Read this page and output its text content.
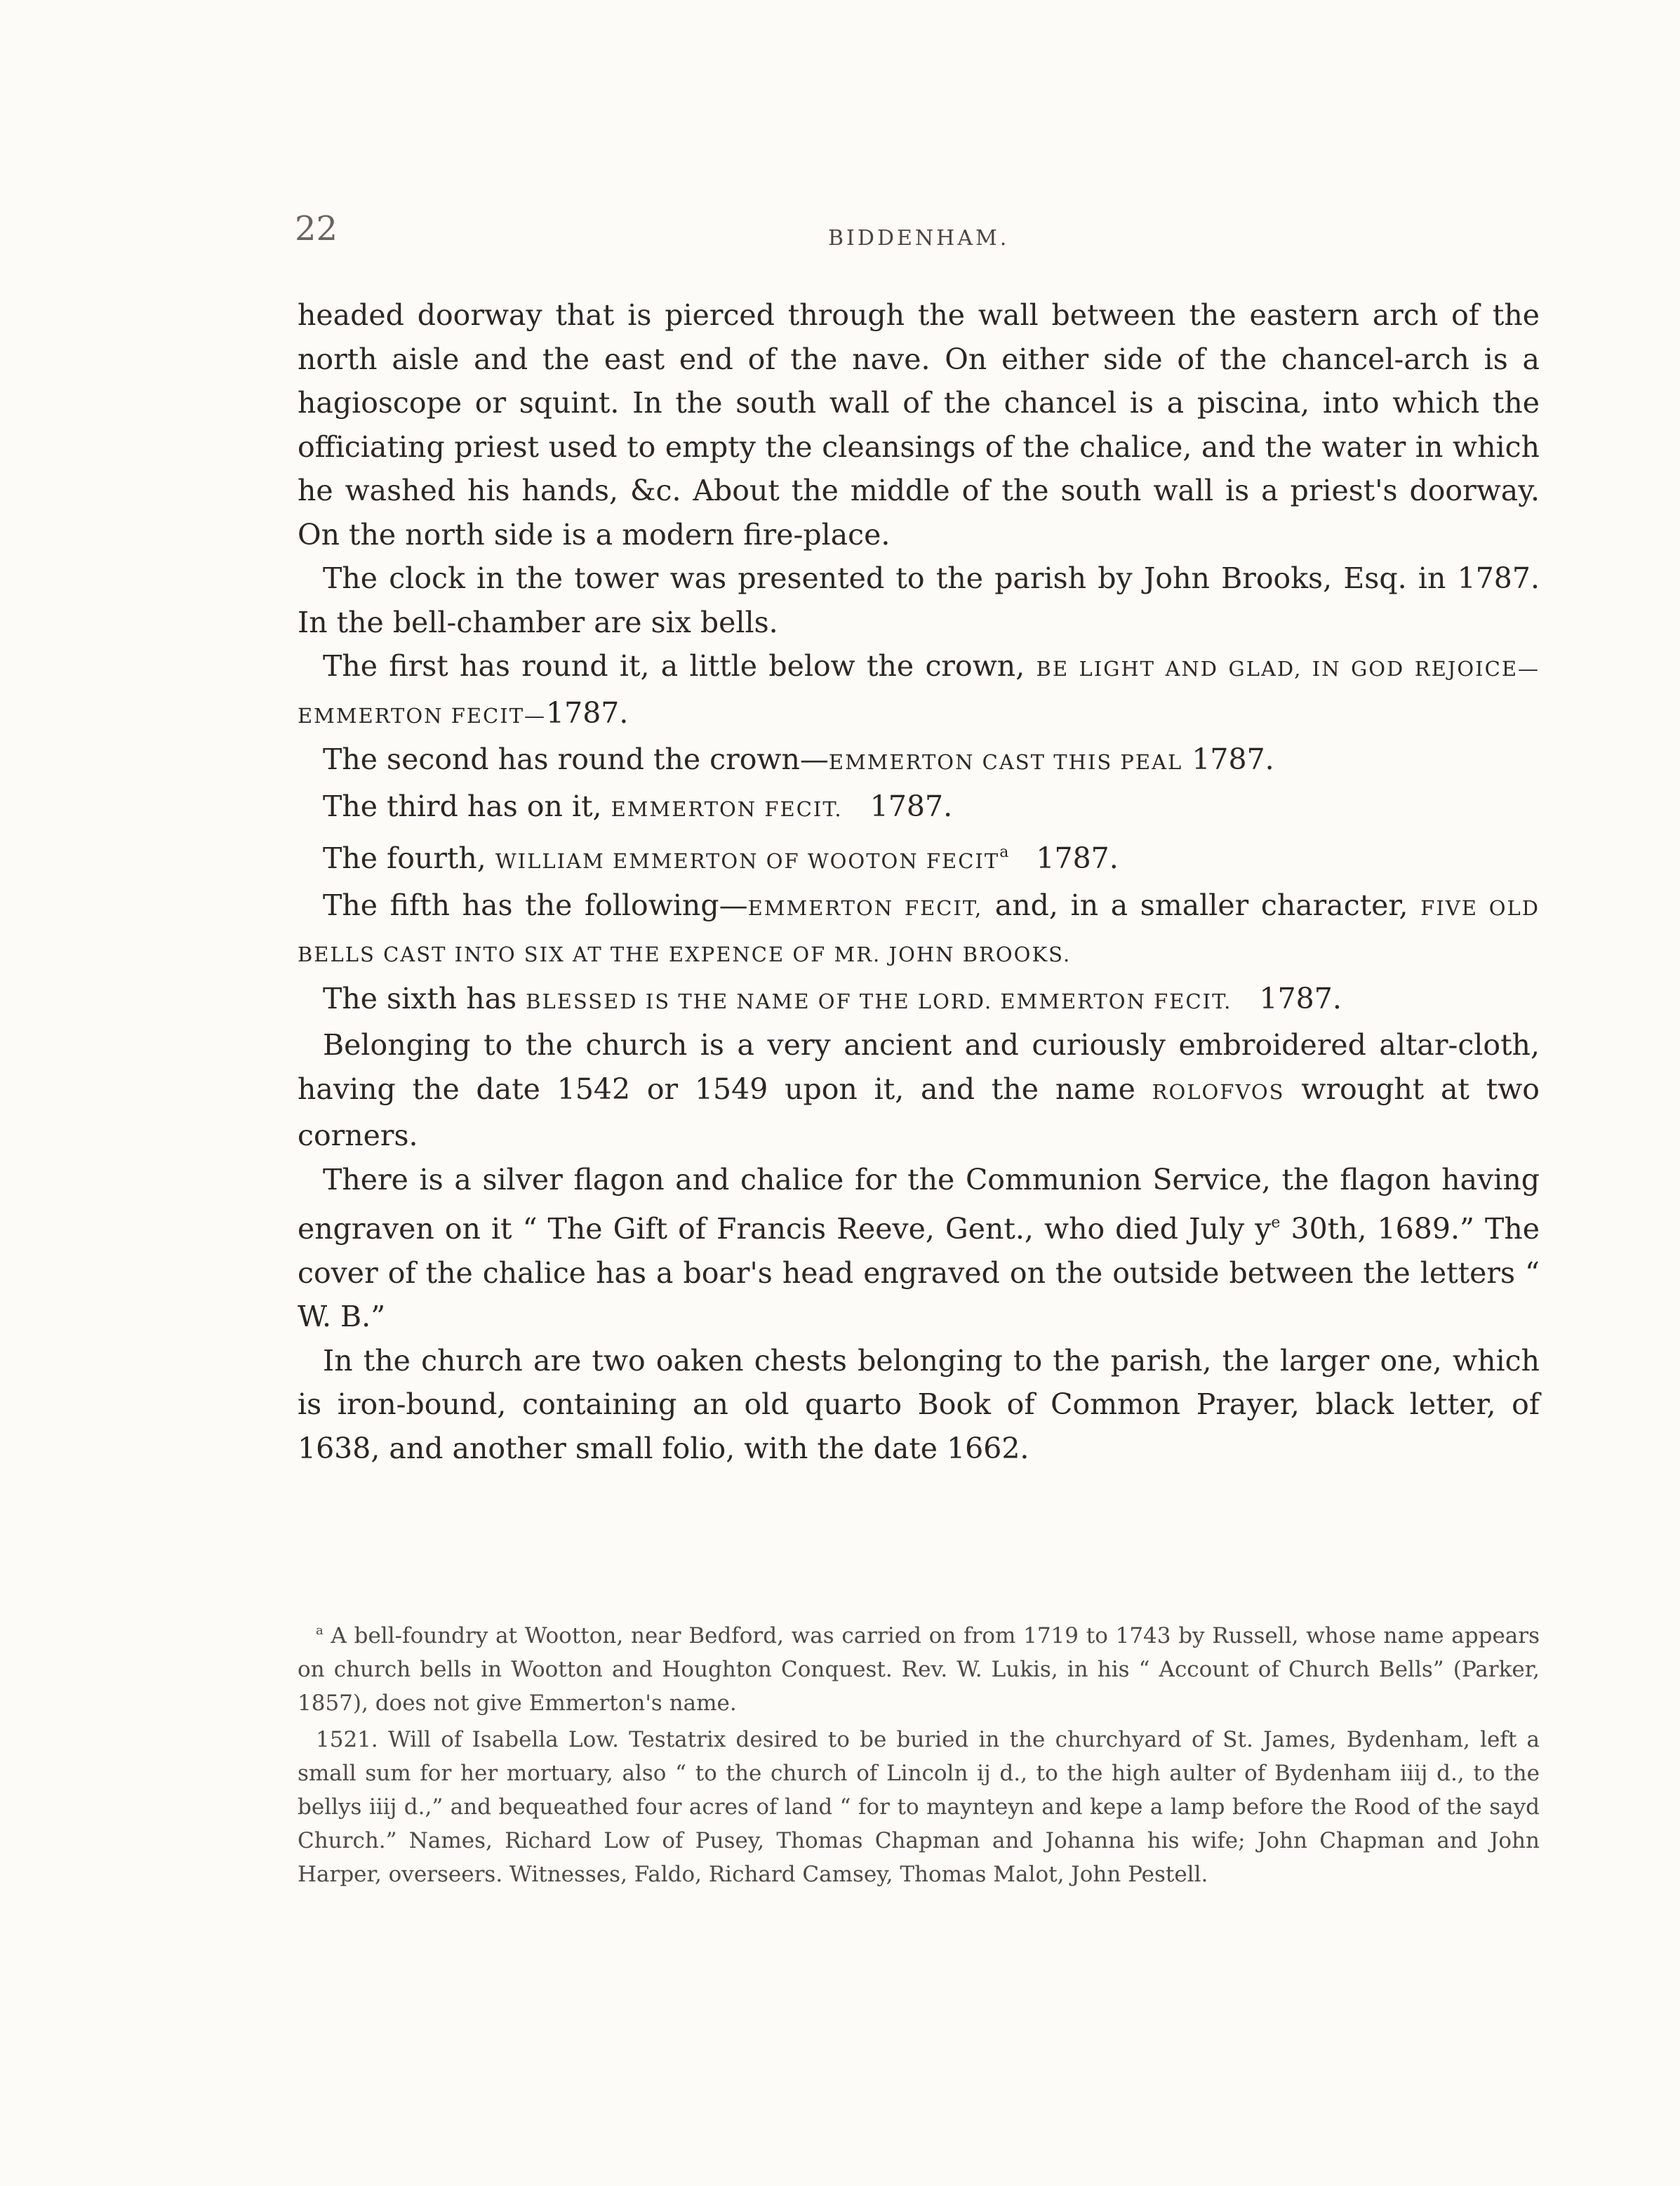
22	BIDDENHAM.

headed doorway that is pierced through the wall between the eastern arch of the north aisle and the east end of the nave. On either side of the chancel-arch is a hagioscope or squint. In the south wall of the chancel is a piscina, into which the officiating priest used to empty the cleansings of the chalice, and the water in which he washed his hands, &c. About the middle of the south wall is a priest's doorway. On the north side is a modern fire-place.

The clock in the tower was presented to the parish by John Brooks, Esq. in 1787. In the bell-chamber are six bells.

The first has round it, a little below the crown, BE LIGHT AND GLAD, IN GOD REJOICE—EMMERTON FECIT—1787.

The second has round the crown—EMMERTON CAST THIS PEAL 1787.

The third has on it, EMMERTON FECIT. 1787.

The fourth, WILLIAM EMMERTON OF WOOTON FECIT$^a$ 1787.

The fifth has the following—EMMERTON FECIT, and, in a smaller character, FIVE OLD BELLS CAST INTO SIX AT THE EXPENCE OF MR. JOHN BROOKS.

The sixth has BLESSED IS THE NAME OF THE LORD. EMMERTON FECIT. 1787.

Belonging to the church is a very ancient and curiously embroidered altar-cloth, having the date 1542 or 1549 upon it, and the name ROLOFVOS wrought at two corners.

There is a silver flagon and chalice for the Communion Service, the flagon having engraven on it “ The Gift of Francis Reeve, Gent., who died July $y^e$ 30th, 1689.” The cover of the chalice has a boar's head engraved on the outside between the letters “ W. B.”

In the church are two oaken chests belonging to the parish, the larger one, which is iron-bound, containing an old quarto Book of Common Prayer, black letter, of 1638, and another small folio, with the date 1662.

$^a$ A bell-foundry at Wootton, near Bedford, was carried on from 1719 to 1743 by Russell, whose name appears on church bells in Wootton and Houghton Conquest. Rev. W. Lukis, in his “ Account of Church Bells” (Parker, 1857), does not give Emmerton's name.

1521. Will of Isabella Low. Testatrix desired to be buried in the churchyard of St. James, Bydenham, left a small sum for her mortuary, also “ to the church of Lincoln ij d., to the high aulter of Bydenham iiij d., to the bellys iiij d.,” and bequeathed four acres of land “ for to maynteyn and kepe a lamp before the Rood of the sayd Church.” Names, Richard Low of Pusey, Thomas Chapman and Johanna his wife; John Chapman and John Harper, overseers. Witnesses, Faldo, Richard Camsey, Thomas Malot, John Pestell.
